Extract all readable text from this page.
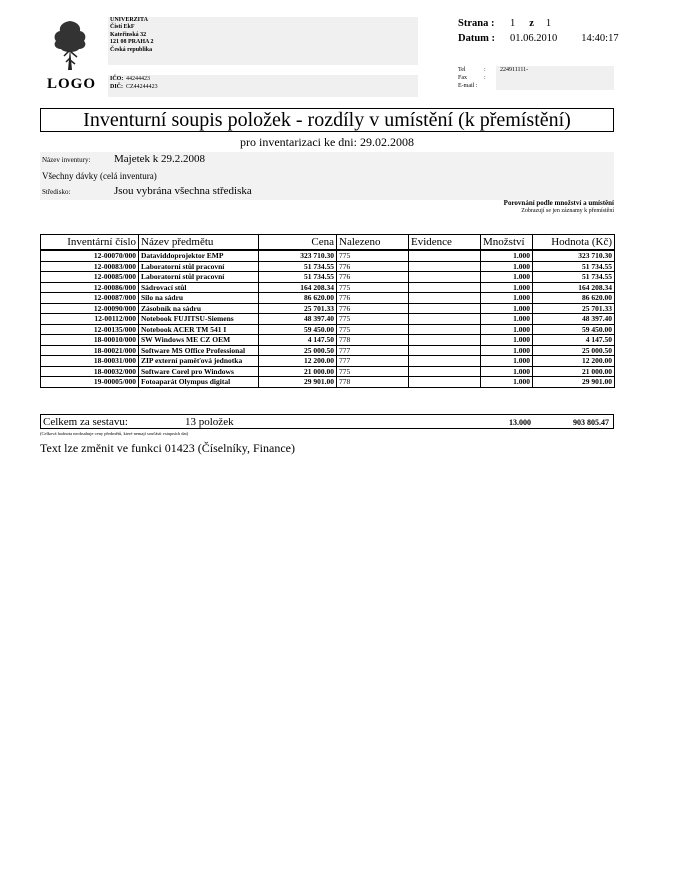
LOGO
UNIVERZITA
Čistí EkF
Kateřinská 32
121 08 PRAHA 2
Česká republika
IČO: 44244423
DIČ: CZ44244423
Strana :	1 z 1
Datum :	01.06.2010 14:40:17
Tel	:	224911111-
Fax	:
E-mail :
Inventurní soupis položek - rozdíly v umístění (k přemístění)
pro inventarizaci ke dni: 29.02.2008
Název inventury: Majetek k 29.2.2008
Všechny dávky (celá inventura)
Středisko:	Jsou vybrána všechna střediska
Porovnání podle množství a umístění
Zobrazují se jen záznamy k přemístění
Inventární číslo	Název předmětu	Cena	Nalezeno	Evidence	Množství	Hodnota (Kč)
12-00070/000	Dataviddoprojektor EMP	323 710.30	775		1.000	323 710.30
12-00083/000	Laboratorní stůl pracovní	51 734.55	776		1.000	51 734.55
12-00085/000	Laboratorní stůl pracovní	51 734.55	776		1.000	51 734.55
12-00086/000	Sádrovací stůl	164 208.34	775		1.000	164 208.34
12-00087/000	Silo na sádru	86 620.00	776		1.000	86 620.00
12-00090/000	Zásobník na sádru	25 701.33	776		1.000	25 701.33
12-00112/000	Notebook FUJITSU-Siemens	48 397.40	775		1.000	48 397.40
12-00135/000	Notebook ACER TM 541 I	59 450.00	775		1.000	59 450.00
18-00010/000	SW Windows ME CZ OEM	4 147.50	778		1.000	4 147.50
18-00021/000	Software MS Office Professional	25 000.50	777		1.000	25 000.50
18-00031/000	ZIP externí paměťová jednotka	12 200.00	777		1.000	12 200.00
18-00032/000	Software Corel pro Windows	21 000.00	775		1.000	21 000.00
19-00005/000	Fotoaparát Olympus digital	29 901.00	778		1.000	29 901.00
Celkem za sestavu:	13 položek	13.000	903 805.47
(Celková hodnota neobsahuje ceny předmětů, které nemají součásti vstupních dat)
Text lze změnit ve funkci 01423 (Číselníky, Finance)
